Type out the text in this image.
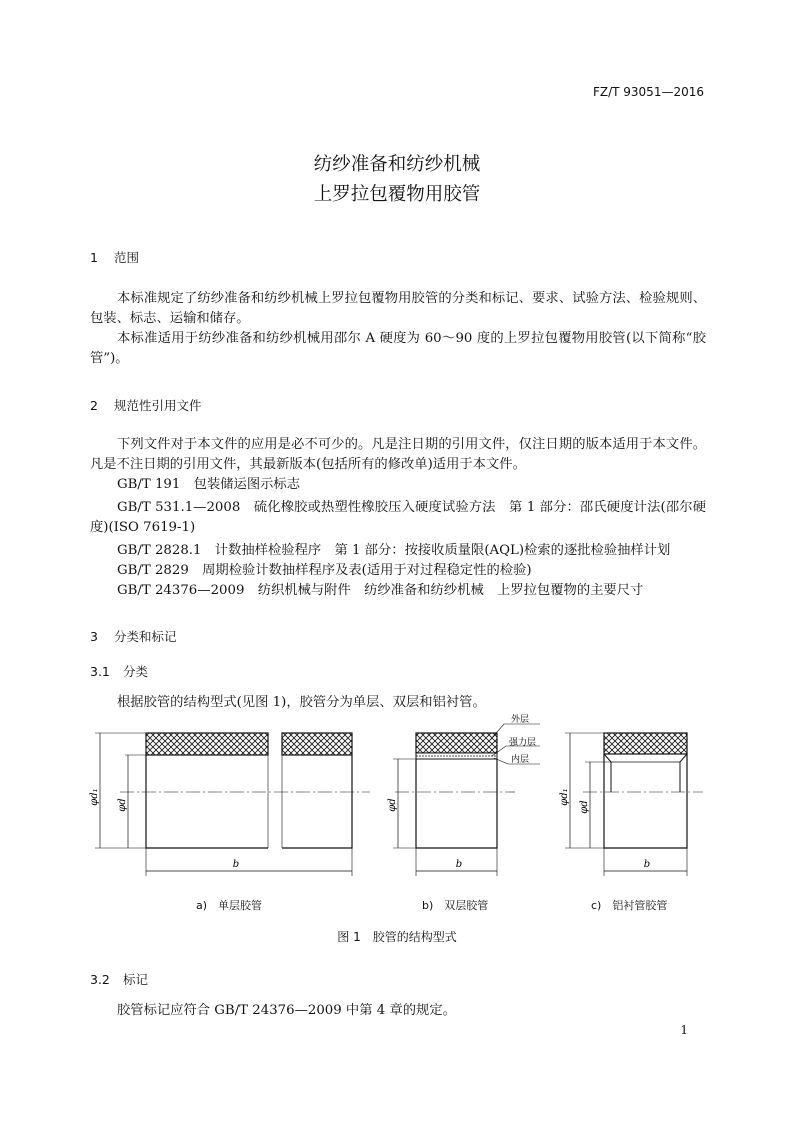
FZ/T 93051—2016
纺纱准备和纺纱机械
上罗拉包覆物用胶管
1 范围

本标准规定了纺纱准备和纺纱机械上罗拉包覆物用胶管的分类和标记、要求、试验方法、检验规则、包装、标志、运输和储存。

本标准适用于纺纱准备和纺纱机械用邵尔 A 硬度为 60～90 度的上罗拉包覆物用胶管(以下简称“胶管”)。

2 规范性引用文件

下列文件对于本文件的应用是必不可少的。凡是注日期的引用文件，仅注日期的版本适用于本文件。凡是不注日期的引用文件，其最新版本(包括所有的修改单)适用于本文件。

GB/T 191　包装储运图示标志

GB/T 531.1—2008　硫化橡胶或热塑性橡胶压入硬度试验方法　第 1 部分：邵氏硬度计法(邵尔硬度)(ISO 7619-1)

GB/T 2828.1　计数抽样检验程序　第 1 部分：按接收质量限(AQL)检索的逐批检验抽样计划
GB/T 2829　周期检验计数抽样程序及表(适用于对过程稳定性的检验)
GB/T 24376—2009　纺织机械与附件　纺纱准备和纺纱机械　上罗拉包覆物的主要尺寸
3 分类和标记
3.1 分类
根据胶管的结构型式(见图 1)，胶管分为单层、双层和铝衬管。
φd₁ φd
b
外层
强力层
内层
φd
b
φd₁
φd
b
a)　单层胶管	b)　双层胶管	c)　铝衬管胶管
图 1　胶管的结构型式
3.2 标记
胶管标记应符合 GB/T 24376—2009 中第 4 章的规定。
1
